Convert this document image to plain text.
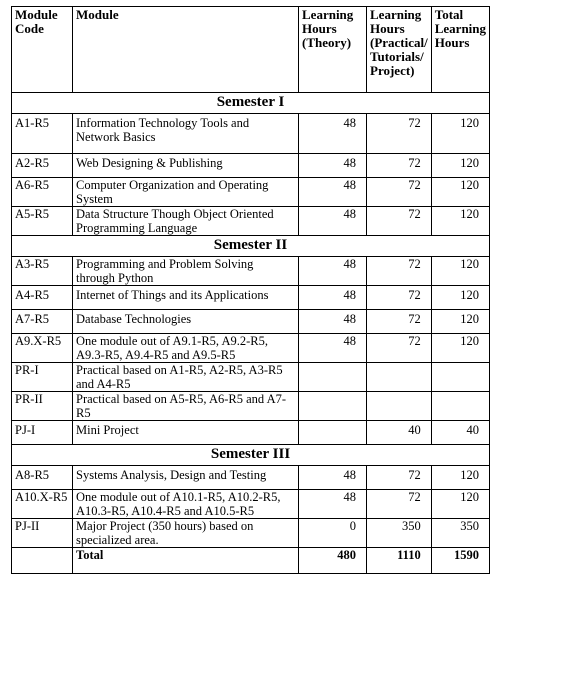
Module Code	Module	Learning Hours (Theory)	Learning Hours (Practical/ Tutorials/ Project)	Total Learning Hours
Semester I				
A1-R5	Information Technology Tools and Network Basics	48	72	120
A2-R5	Web Designing & Publishing	48	72	120
A6-R5	Computer Organization and Operating System	48	72	120
A5-R5	Data Structure Though Object Oriented Programming Language	48	72	120
Semester II				
A3-R5	Programming and Problem Solving through Python	48	72	120
A4-R5	Internet of Things and its Applications	48	72	120
A7-R5	Database Technologies	48	72	120
A9.X-R5	One module out of A9.1-R5, A9.2-R5, A9.3-R5, A9.4-R5 and A9.5-R5	48	72	120
PR-I	Practical based on A1-R5, A2-R5, A3-R5 and A4-R5			
PR-II	Practical based on A5-R5, A6-R5 and A7-R5			
PJ-I	Mini Project		40	40
Semester III				
A8-R5	Systems Analysis, Design and Testing	48	72	120
A10.X-R5	One module out of A10.1-R5, A10.2-R5, A10.3-R5, A10.4-R5 and A10.5-R5	48	72	120
PJ-II	Major Project (350 hours) based on specialized area.	0	350	350
	Total	480	1110	1590
